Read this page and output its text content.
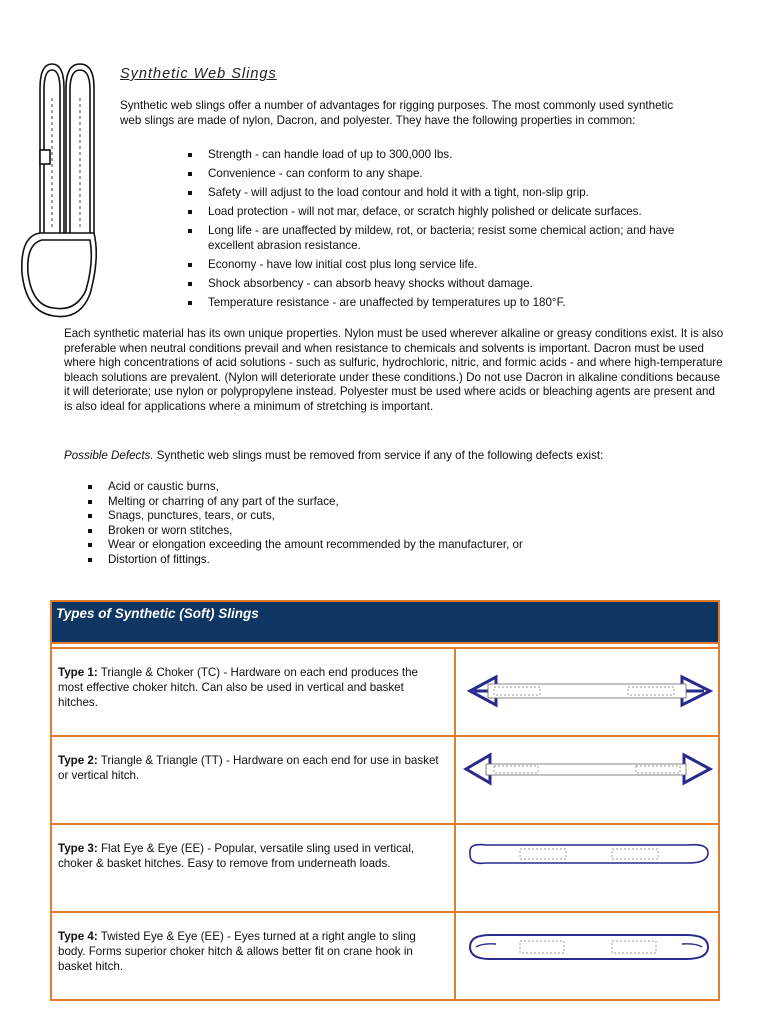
Synthetic Web Slings
Synthetic web slings offer a number of advantages for rigging purposes. The most commonly used synthetic web slings are made of nylon, Dacron, and polyester. They have the following properties in common:
Strength - can handle load of up to 300,000 lbs.
Convenience - can conform to any shape.
Safety - will adjust to the load contour and hold it with a tight, non-slip grip.
Load protection - will not mar, deface, or scratch highly polished or delicate surfaces.
Long life - are unaffected by mildew, rot, or bacteria; resist some chemical action; and have excellent abrasion resistance.
Economy - have low initial cost plus long service life.
Shock absorbency - can absorb heavy shocks without damage.
Temperature resistance - are unaffected by temperatures up to 180°F.
Each synthetic material has its own unique properties. Nylon must be used wherever alkaline or greasy conditions exist. It is also preferable when neutral conditions prevail and when resistance to chemicals and solvents is important. Dacron must be used where high concentrations of acid solutions - such as sulfuric, hydrochloric, nitric, and formic acids - and where high-temperature bleach solutions are prevalent. (Nylon will deteriorate under these conditions.) Do not use Dacron in alkaline conditions because it will deteriorate; use nylon or polypropylene instead. Polyester must be used where acids or bleaching agents are present and is also ideal for applications where a minimum of stretching is important.
Possible Defects. Synthetic web slings must be removed from service if any of the following defects exist:
Acid or caustic burns,
Melting or charring of any part of the surface,
Snags, punctures, tears, or cuts,
Broken or worn stitches,
Wear or elongation exceeding the amount recommended by the manufacturer, or
Distortion of fittings.
Types of Synthetic (Soft) Slings	

Type 1: Triangle & Choker (TC) - Hardware on each end produces the most effective choker hitch. Can also be used in vertical and basket hitches.	

Type 2: Triangle & Triangle (TT) - Hardware on each end for use in basket or vertical hitch.	

Type 3: Flat Eye & Eye (EE) - Popular, versatile sling used in vertical, choker & basket hitches. Easy to remove from underneath loads.	

Type 4: Twisted Eye & Eye (EE) - Eyes turned at a right angle to sling body. Forms superior choker hitch & allows better fit on crane hook in basket hitch.	
